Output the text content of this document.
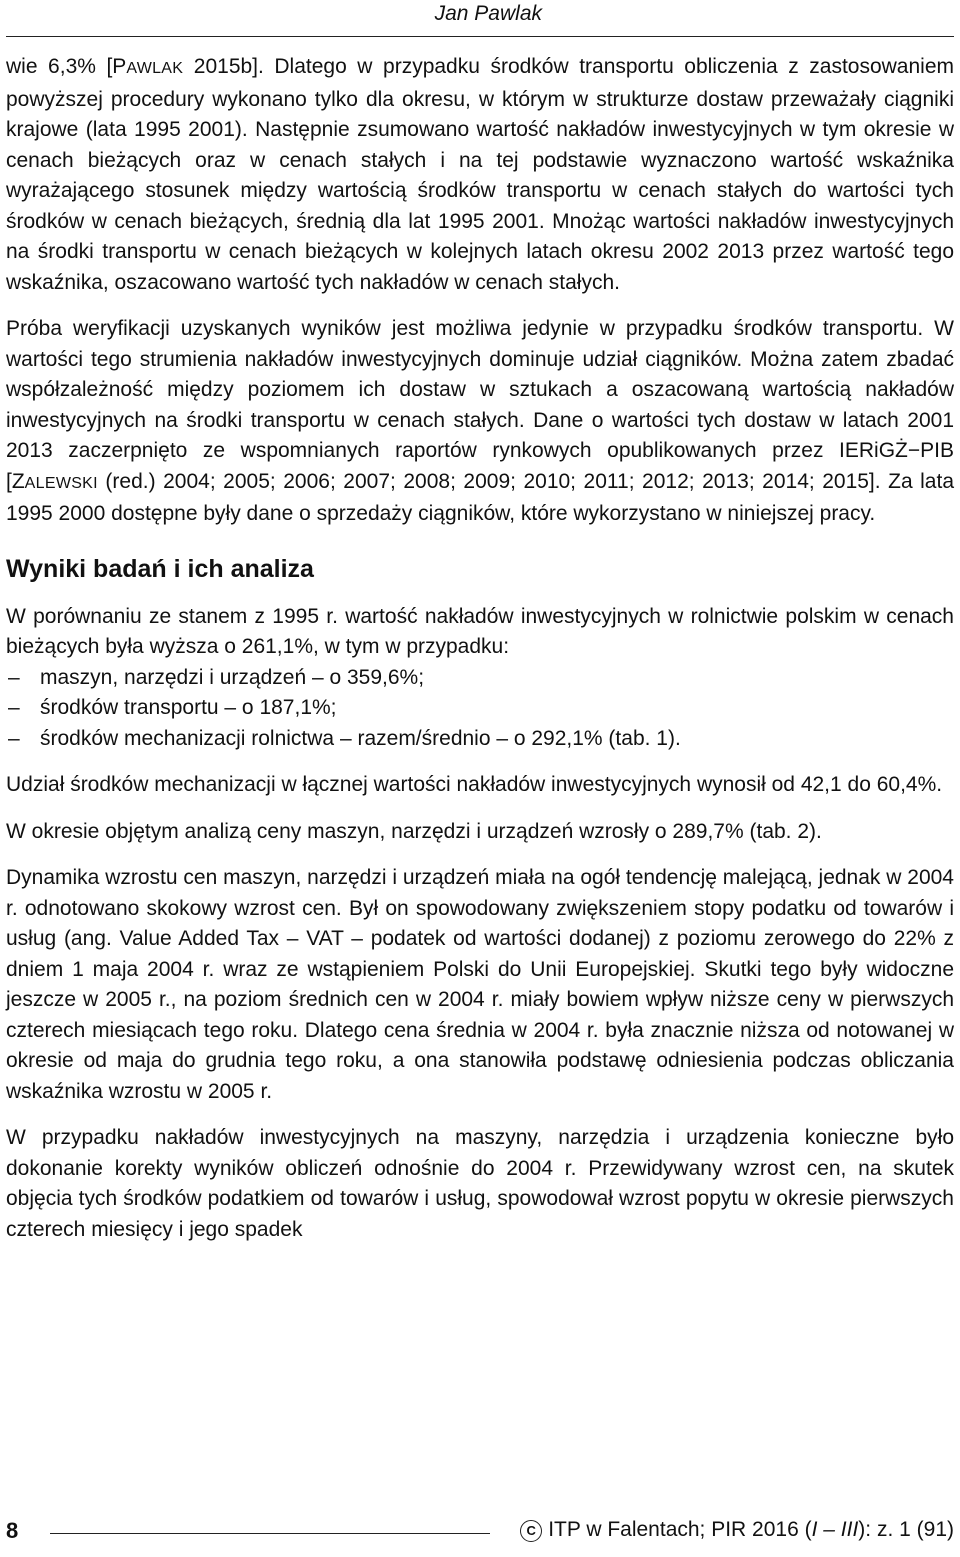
Jan Pawlak

wie 6,3% [PAWLAK 2015b]. Dlatego w przypadku środków transportu obliczenia z zastosowaniem powyższej procedury wykonano tylko dla okresu, w którym w strukturze dostaw przeważały ciągniki krajowe (lata 1995 2001). Następnie zsumowano wartość nakładów inwestycyjnych w tym okresie w cenach bieżących oraz w cenach stałych i na tej podstawie wyznaczono wartość wskaźnika wyrażającego stosunek między wartością środków transportu w cenach stałych do wartości tych środków w cenach bieżących, średnią dla lat 1995 2001. Mnożąc wartości nakładów inwestycyjnych na środki transportu w cenach bieżących w kolejnych latach okresu 2002 2013 przez wartość tego wskaźnika, oszacowano wartość tych nakładów w cenach stałych.

Próba weryfikacji uzyskanych wyników jest możliwa jedynie w przypadku środków transportu. W wartości tego strumienia nakładów inwestycyjnych dominuje udział ciągników. Można zatem zbadać współzależność między poziomem ich dostaw w sztukach a oszacowaną wartością nakładów inwestycyjnych na środki transportu w cenach stałych. Dane o wartości tych dostaw w latach 2001 2013 zaczerpnięto ze wspomnianych raportów rynkowych opublikowanych przez IERiGŻ−PIB [ZALEWSKI (red.) 2004; 2005; 2006; 2007; 2008; 2009; 2010; 2011; 2012; 2013; 2014; 2015]. Za lata 1995 2000 dostępne były dane o sprzedaży ciągników, które wykorzystano w niniejszej pracy.

Wyniki badań i ich analiza

W porównaniu ze stanem z 1995 r. wartość nakładów inwestycyjnych w rolnictwie polskim w cenach bieżących była wyższa o 261,1%, w tym w przypadku:

– maszyn, narzędzi i urządzeń – o 359,6%;
– środków transportu – o 187,1%;
– środków mechanizacji rolnictwa – razem/średnio – o 292,1% (tab. 1).

Udział środków mechanizacji w łącznej wartości nakładów inwestycyjnych wynosił od 42,1 do 60,4%.

W okresie objętym analizą ceny maszyn, narzędzi i urządzeń wzrosły o 289,7% (tab. 2).

Dynamika wzrostu cen maszyn, narzędzi i urządzeń miała na ogół tendencję malejącą, jednak w 2004 r. odnotowano skokowy wzrost cen. Był on spowodowany zwiększeniem stopy podatku od towarów i usług (ang. Value Added Tax – VAT – podatek od wartości dodanej) z poziomu zerowego do 22% z dniem 1 maja 2004 r. wraz ze wstąpieniem Polski do Unii Europejskiej. Skutki tego były widoczne jeszcze w 2005 r., na poziom średnich cen w 2004 r. miały bowiem wpływ niższe ceny w pierwszych czterech miesiącach tego roku. Dlatego cena średnia w 2004 r. była znacznie niższa od notowanej w okresie od maja do grudnia tego roku, a ona stanowiła podstawę odniesienia podczas obliczania wskaźnika wzrostu w 2005 r.

W przypadku nakładów inwestycyjnych na maszyny, narzędzia i urządzenia konieczne było dokonanie korekty wyników obliczeń odnośnie do 2004 r. Przewidywany wzrost cen, na skutek objęcia tych środków podatkiem od towarów i usług, spowodował wzrost popytu w okresie pierwszych czterech miesięcy i jego spadek

8	C ITP w Falentach; PIR 2016 (I – III): z. 1 (91)
